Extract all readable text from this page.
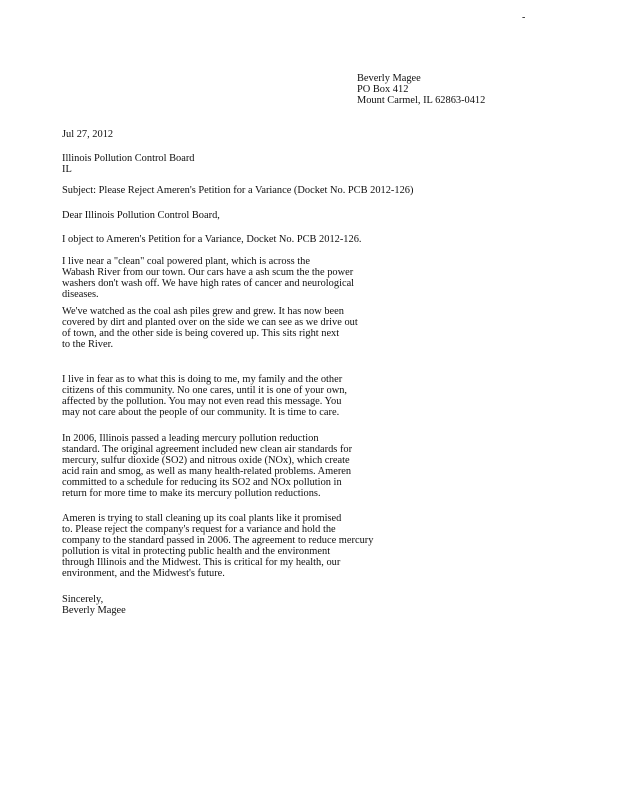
-
Beverly Magee
PO Box 412
Mount Carmel, IL 62863-0412
Jul 27, 2012
Illinois Pollution Control Board
IL
Subject: Please Reject Ameren's Petition for a Variance (Docket No. PCB 2012-126)
Dear Illinois Pollution Control Board,
I object to Ameren's Petition for a Variance, Docket No. PCB 2012-126.
I live near a "clean" coal powered plant, which is across the
Wabash River from our town. Our cars have a ash scum the the power
washers don't wash off. We have high rates of cancer and neurological
diseases.
We've watched as the coal ash piles grew and grew. It has now been
covered by dirt and planted over on the side we can see as we drive out
of town, and the other side is being covered up. This sits right next
to the River.
I live in fear as to what this is doing to me, my family and the other
citizens of this community. No one cares, until it is one of your own,
affected by the pollution. You may not even read this message. You
may not care about the people of our community. It is time to care.
In 2006, Illinois passed a leading mercury pollution reduction
standard. The original agreement included new clean air standards for
mercury, sulfur dioxide (SO2) and nitrous oxide (NOx), which create
acid rain and smog, as well as many health-related problems. Ameren
committed to a schedule for reducing its SO2 and NOx pollution in
return for more time to make its mercury pollution reductions.
Ameren is trying to stall cleaning up its coal plants like it promised
to. Please reject the company's request for a variance and hold the
company to the standard passed in 2006. The agreement to reduce mercury
pollution is vital in protecting public health and the environment
through Illinois and the Midwest. This is critical for my health, our
environment, and the Midwest's future.
Sincerely,
Beverly Magee
